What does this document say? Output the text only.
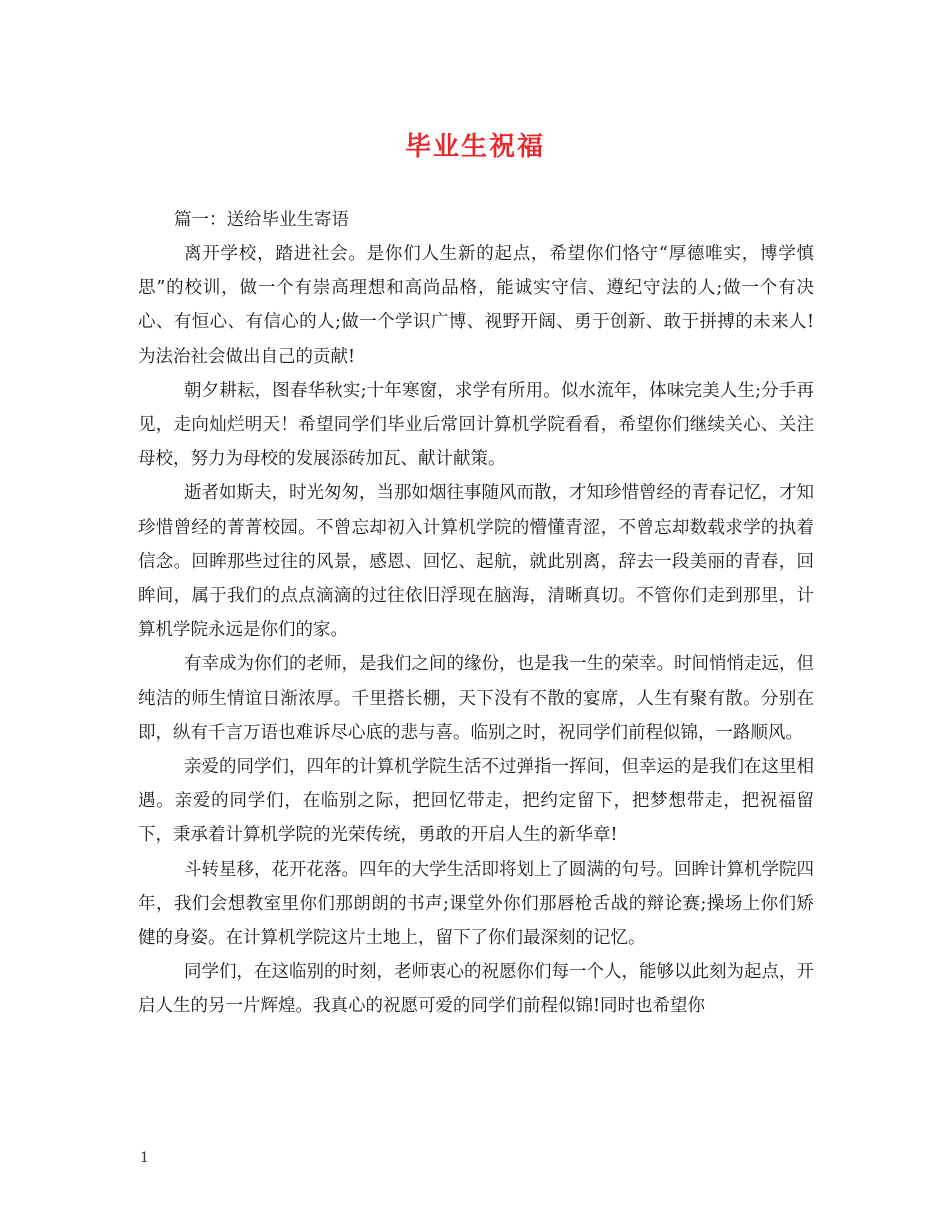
毕业生祝福

篇一：送给毕业生寄语

离开学校，踏进社会。是你们人生新的起点，希望你们恪守“厚德唯实，博学慎思”的校训，做一个有崇高理想和高尚品格，能诚实守信、遵纪守法的人;做一个有决心、有恒心、有信心的人;做一个学识广博、视野开阔、勇于创新、敢于拼搏的未来人!为法治社会做出自己的贡献!

朝夕耕耘，图春华秋实;十年寒窗，求学有所用。似水流年，体味完美人生;分手再见，走向灿烂明天！希望同学们毕业后常回计算机学院看看，希望你们继续关心、关注母校，努力为母校的发展添砖加瓦、献计献策。

逝者如斯夫，时光匆匆，当那如烟往事随风而散，才知珍惜曾经的青春记忆，才知珍惜曾经的菁菁校园。不曾忘却初入计算机学院的懵懂青涩，不曾忘却数载求学的执着信念。回眸那些过往的风景，感恩、回忆、起航，就此别离，辞去一段美丽的青春，回眸间，属于我们的点点滴滴的过往依旧浮现在脑海，清晰真切。不管你们走到那里，计算机学院永远是你们的家。

有幸成为你们的老师，是我们之间的缘份，也是我一生的荣幸。时间悄悄走远，但纯洁的师生情谊日渐浓厚。千里搭长棚，天下没有不散的宴席，人生有聚有散。分别在即，纵有千言万语也难诉尽心底的悲与喜。临别之时，祝同学们前程似锦，一路顺风。

亲爱的同学们，四年的计算机学院生活不过弹指一挥间，但幸运的是我们在这里相遇。亲爱的同学们，在临别之际，把回忆带走，把约定留下，把梦想带走，把祝福留下，秉承着计算机学院的光荣传统，勇敢的开启人生的新华章!

斗转星移，花开花落。四年的大学生活即将划上了圆满的句号。回眸计算机学院四年，我们会想教室里你们那朗朗的书声;课堂外你们那唇枪舌战的辩论赛;操场上你们矫健的身姿。在计算机学院这片土地上，留下了你们最深刻的记忆。

同学们，在这临别的时刻，老师衷心的祝愿你们每一个人，能够以此刻为起点，开启人生的另一片辉煌。我真心的祝愿可爱的同学们前程似锦!同时也希望你

1
